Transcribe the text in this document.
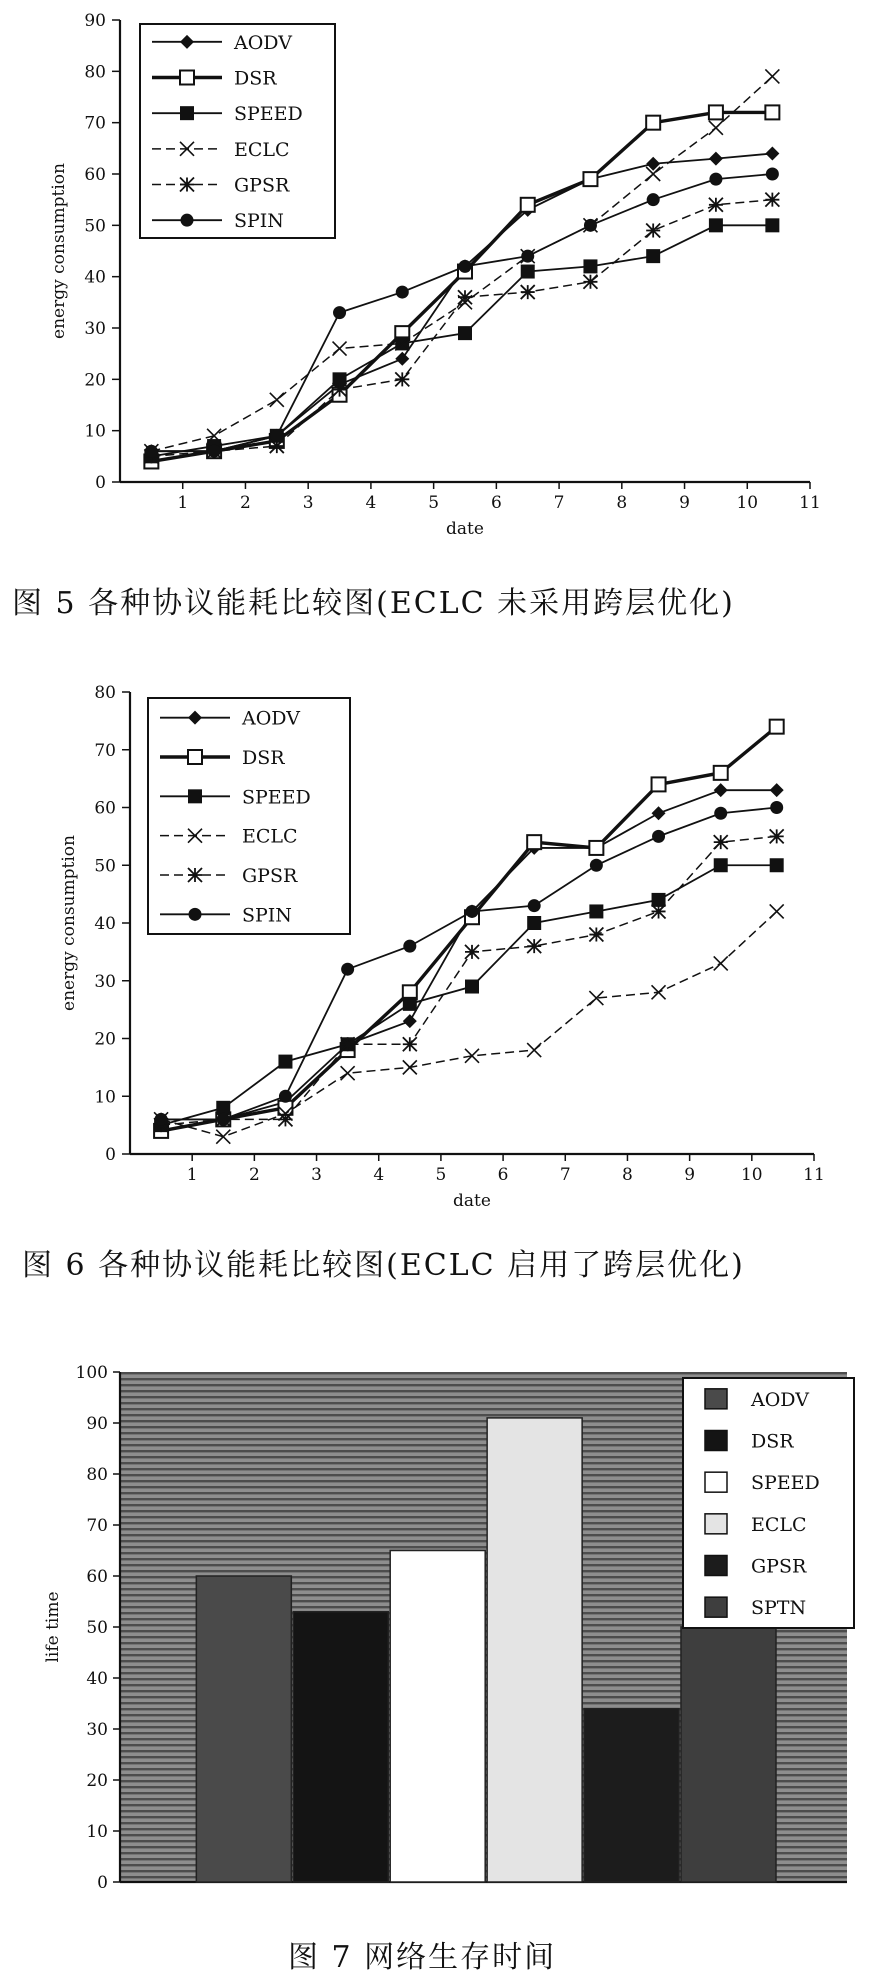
0
10
20
30
40
50
60
70
80
90
1	2	3	4	5	6	7	8	9	10 11
date
energy consumption
AODV
DSR
SPEED
ECLC
GPSR
SPIN
图 5 各种协议能耗比较图(ECLC 未采用跨层优化)
0
10
20
30
40
50
60
70
80
1	2	3	4	5	6	7	8	9	10 11
date
energy consumption
AODV
DSR
SPEED
ECLC
GPSR
SPIN
图 6 各种协议能耗比较图(ECLC 启用了跨层优化)
0
10
20
30
40
50
60
70
80
90
100
life time
AODV
DSR
SPEED
ECLC
GPSR
SPTN
图 7 网络生存时间
